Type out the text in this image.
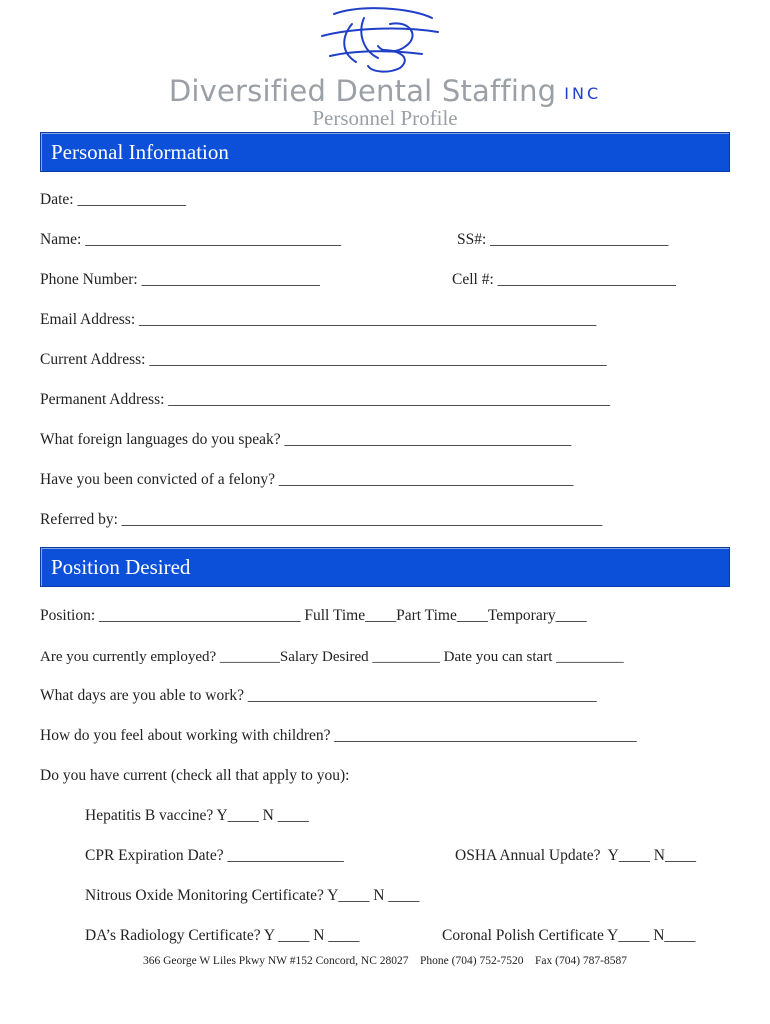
Diversified Dental Staffing INC
Personnel Profile
Personal Information
Date: ______________
Name: _________________________________	SS#: _______________________
Phone Number: _______________________	Cell #: _______________________
Email Address: ___________________________________________________________
Current Address: ___________________________________________________________
Permanent Address: _________________________________________________________
What foreign languages do you speak? _____________________________________
Have you been convicted of a felony? ______________________________________
Referred by: ______________________________________________________________
Position Desired
Position: __________________________ Full Time____Part Time____Temporary____
Are you currently employed? ________Salary Desired _________ Date you can start _________
What days are you able to work? _____________________________________________
How do you feel about working with children? _______________________________________
Do you have current (check all that apply to you):
Hepatitis B vaccine? Y____ N ____
CPR Expiration Date? _______________	OSHA Annual Update?  Y____ N____
Nitrous Oxide Monitoring Certificate? Y____ N ____
DA’s Radiology Certificate? Y ____ N ____	Coronal Polish Certificate Y____ N____
366 George W Liles Pkwy NW #152 Concord, NC 28027    Phone (704) 752-7520    Fax (704) 787-8587
